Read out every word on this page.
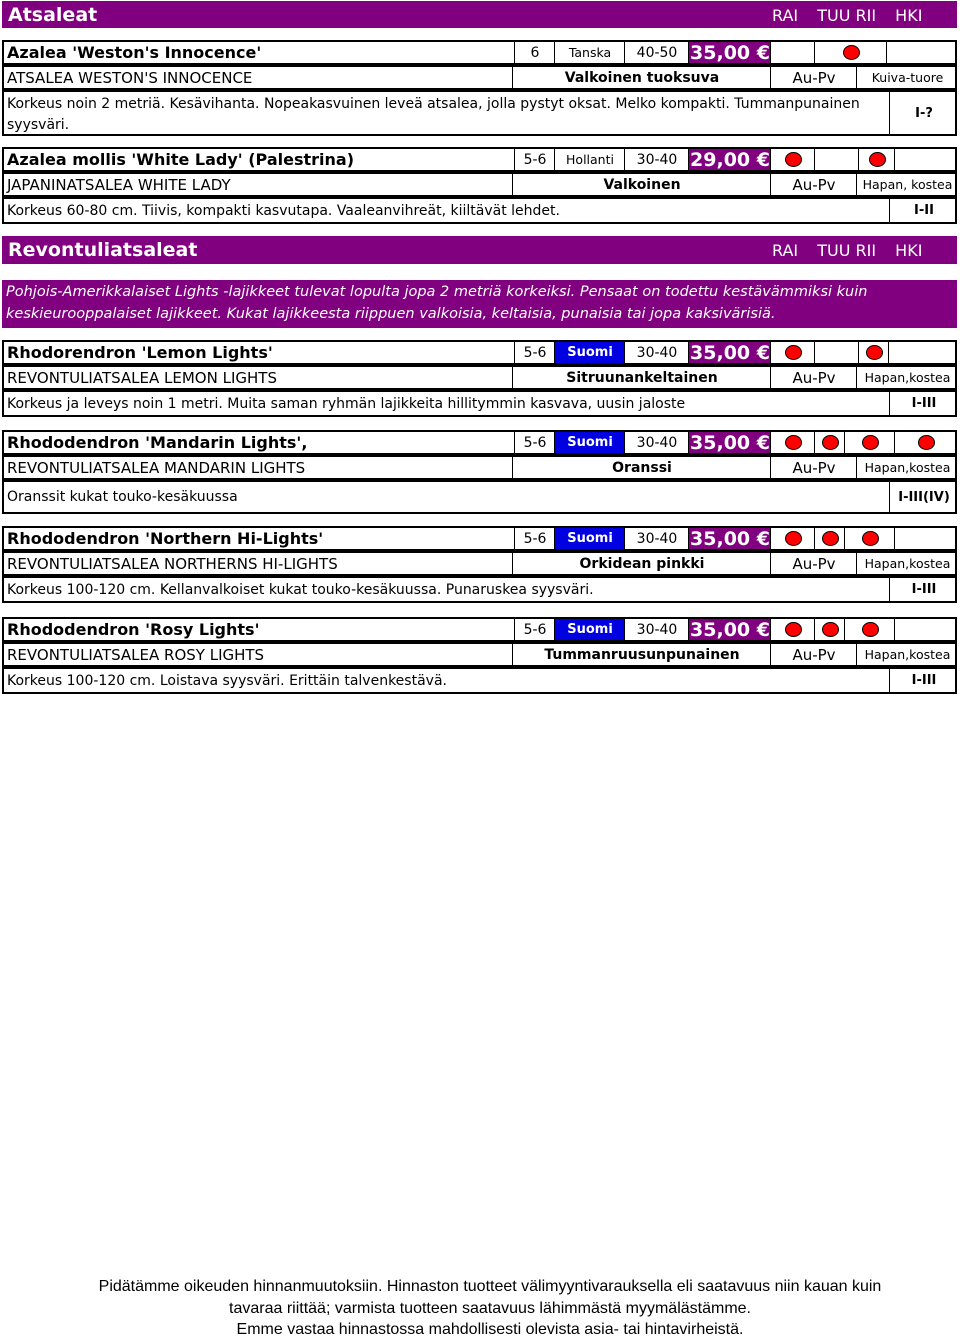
Atsaleat	RAI TUU RII HKI
Azalea 'Weston's Innocence'	6	Tanska	40-50 35,00 €
ATSALEA WESTON'S INNOCENCE	Valkoinen tuoksuva	Au-Pv	Kuiva-tuore
Korkeus noin 2 metriä. Kesävihanta. Nopeakasvuinen leveä atsalea, jolla pystyt oksat. Melko kompakti. Tummanpunainen syysväri.
I-?
Azalea mollis 'White Lady' (Palestrina)	5-6	Hollanti	30-40 29,00 €
JAPANINATSALEA WHITE LADY	Valkoinen	Au-Pv	Hapan, kostea
Korkeus 60-80 cm. Tiivis, kompakti kasvutapa. Vaaleanvihreät, kiiltävät lehdet.	I-II
Revontuliatsaleat	RAI TUU RII HKI
Pohjois-Amerikkalaiset Lights -lajikkeet tulevat lopulta jopa 2 metriä korkeiksi. Pensaat on todettu kestävämmiksi kuin keskieurooppalaiset lajikkeet. Kukat lajikkeesta riippuen valkoisia, keltaisia, punaisia tai jopa kaksivärisiä.
Rhodorendron 'Lemon Lights'	5-6	Suomi	30-40 35,00 €
REVONTULIATSALEA LEMON LIGHTS	Sitruunankeltainen	Au-Pv	Hapan,kostea
Korkeus ja leveys noin 1 metri. Muita saman ryhmän lajikkeita hillitymmin kasvava, uusin jaloste	I-III
Rhododendron 'Mandarin Lights',	5-6	Suomi	30-40 35,00 €
REVONTULIATSALEA MANDARIN LIGHTS	Oranssi	Au-Pv	Hapan,kostea
Oranssit kukat touko-kesäkuussa	I-III(IV)
Rhododendron 'Northern Hi-Lights'	5-6	Suomi	30-40 35,00 €
REVONTULIATSALEA NORTHERNS HI-LIGHTS	Orkidean pinkki	Au-Pv	Hapan,kostea
Korkeus 100-120 cm. Kellanvalkoiset kukat touko-kesäkuussa. Punaruskea syysväri.	I-III
Rhododendron 'Rosy Lights'	5-6	Suomi	30-40 35,00 €
REVONTULIATSALEA ROSY LIGHTS	Tummanruusunpunainen	Au-Pv	Hapan,kostea
Korkeus 100-120 cm. Loistava syysväri. Erittäin talvenkestävä.	I-III
Pidätämme oikeuden hinnanmuutoksiin. Hinnaston tuotteet välimyyntivarauksella eli saatavuus niin kauan kuin
tavaraa riittää; varmista tuotteen saatavuus lähimmästä myymälästämme.
Emme vastaa hinnastossa mahdollisesti olevista asia- tai hintavirheistä.
